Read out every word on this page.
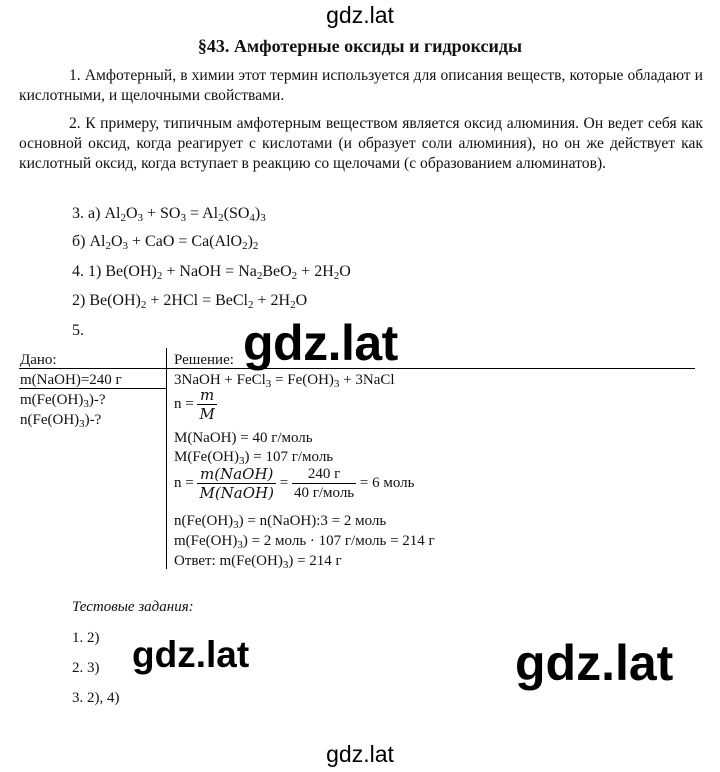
gdz.lat
§43. Амфотерные оксиды и гидроксиды
1. Амфотерный, в химии этот термин используется для описания веществ, которые обладают и кислотными, и щелочными свойствами.
2. К примеру, типичным амфотерным веществом является оксид алюминия. Он ведет себя как основной оксид, когда реагирует с кислотами (и образует соли алюминия), но он же действует как кислотный оксид, когда вступает в реакцию со щелочами (с образованием алюминатов).
3. а) $Al_2O_3 + SO_3 = Al_2(SO_4)_3$
б) $Al_2O_3$ + CaO = $Ca(AlO_2)_2$
4. 1) $Be(OH)_2$ + NaOH = $Na_2BeO_2 + 2H_2O$
2) $Be(OH)_2 + 2HCl$ = BeCl$_2$ + $2H_2O$
5.
Дано:
m(NaOH)=240 г
$m(Fe(OH)_3)-$?
$n(Fe(OH)_3)-$?
Решение:
3NaOH + FeCl$_3$ = $Fe(OH)_3$ + 3NaCl
$n = \frac{m}{M}$
M(NaOH) = 40 г/моль
$M(Fe(OH)_3) = 107$ г/моль
$n = \frac{\text{m(NaOH)}}{\text{M(NaOH)}} = \frac{240 г}{\text{40 г/моль}} = 6$ моль
$n(Fe(OH)_3)$ = n(NaOH):3 = 2 моль
$m(Fe(OH)_3) = 2$ моль · 107 г/моль = 214 г
Ответ: $m(Fe(OH)_3) = 214$ г
Тестовые задания:
1. 2)
2. 3)
3. 2), 4)
gdz.lat
gdz.lat	gdz.lat
gdz.lat
